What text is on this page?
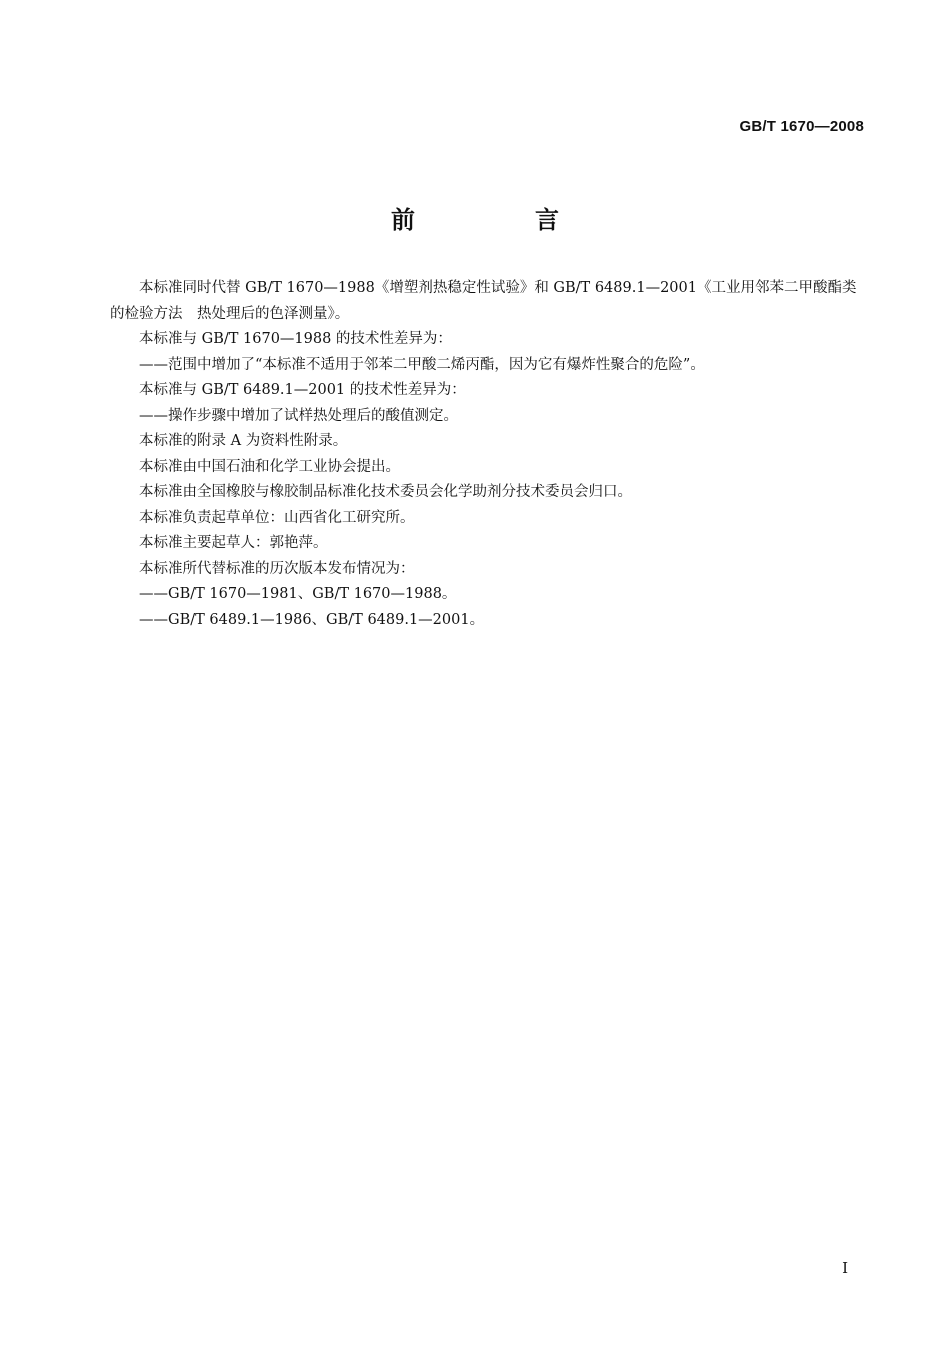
GB/T 1670—2008
前　言

本标准同时代替 GB/T 1670—1988《增塑剂热稳定性试验》和 GB/T 6489.1—2001《工业用邻苯二甲酸酯类的检验方法　热处理后的色泽测量》。

本标准与 GB/T 1670—1988 的技术性差异为：

——范围中增加了“本标准不适用于邻苯二甲酸二烯丙酯，因为它有爆炸性聚合的危险”。

本标准与 GB/T 6489.1—2001 的技术性差异为：

——操作步骤中增加了试样热处理后的酸值测定。

本标准的附录 A 为资料性附录。

本标准由中国石油和化学工业协会提出。

本标准由全国橡胶与橡胶制品标准化技术委员会化学助剂分技术委员会归口。

本标准负责起草单位：山西省化工研究所。

本标准主要起草人：郭艳萍。

本标准所代替标准的历次版本发布情况为：

——GB/T 1670—1981、GB/T 1670—1988。

——GB/T 6489.1—1986、GB/T 6489.1—2001。

I
